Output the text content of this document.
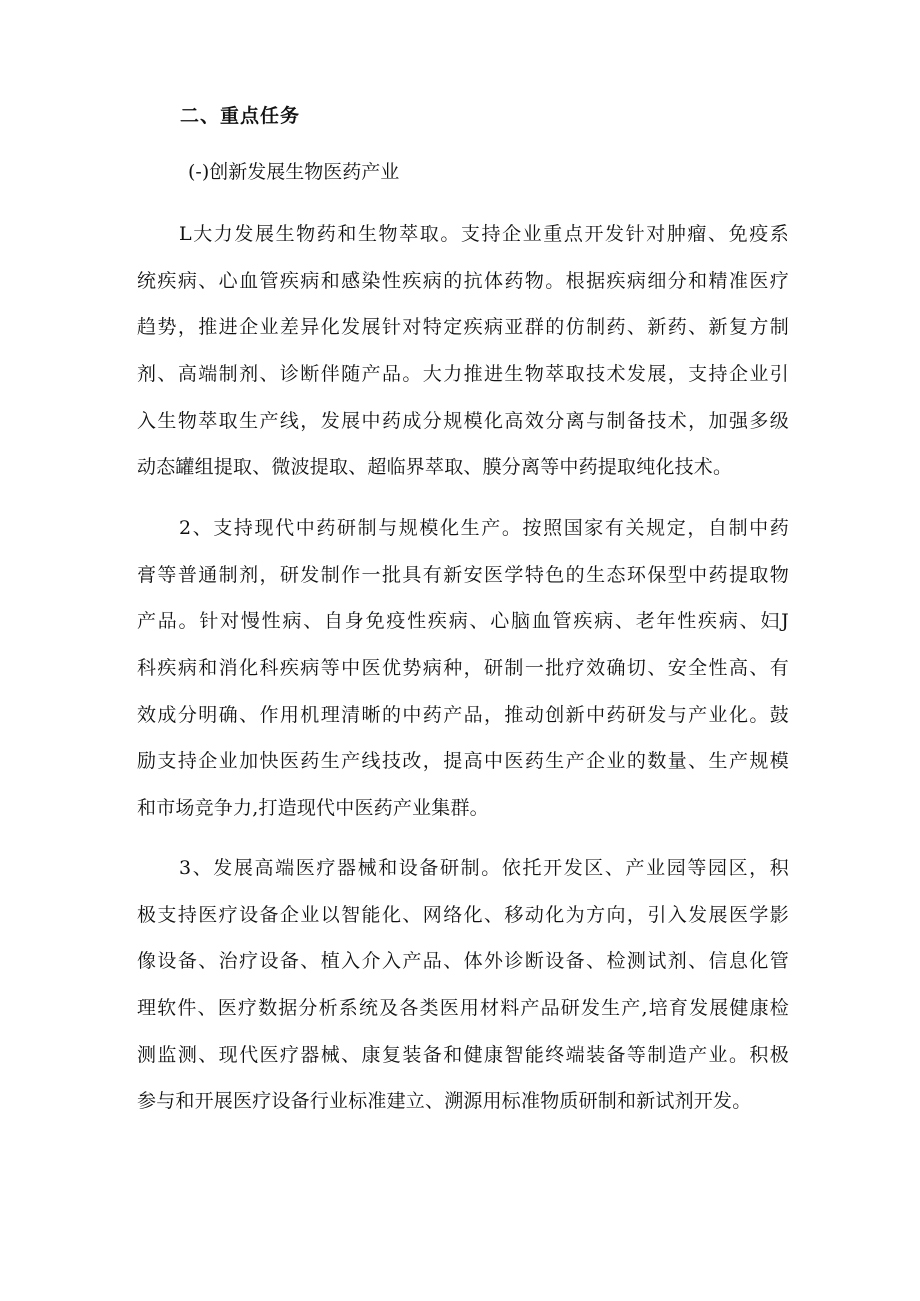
二、重点任务
(-)创新发展生物医药产业
L大力发展生物药和生物萃取。支持企业重点开发针对肿瘤、免疫系
统疾病、心血管疾病和感染性疾病的抗体药物。根据疾病细分和精准医疗
趋势，推进企业差异化发展针对特定疾病亚群的仿制药、新药、新复方制
剂、高端制剂、诊断伴随产品。大力推进生物萃取技术发展，支持企业引
入生物萃取生产线，发展中药成分规模化高效分离与制备技术，加强多级
动态罐组提取、微波提取、超临界萃取、膜分离等中药提取纯化技术。
2、支持现代中药研制与规模化生产。按照国家有关规定，自制中药
膏等普通制剂，研发制作一批具有新安医学特色的生态环保型中药提取物
产品。针对慢性病、自身免疫性疾病、心脑血管疾病、老年性疾病、妇J
科疾病和消化科疾病等中医优势病种，研制一批疗效确切、安全性高、有
效成分明确、作用机理清晰的中药产品，推动创新中药研发与产业化。鼓
励支持企业加快医药生产线技改，提高中医药生产企业的数量、生产规模
和市场竞争力,打造现代中医药产业集群。
3、发展高端医疗器械和设备研制。依托开发区、产业园等园区，积
极支持医疗设备企业以智能化、网络化、移动化为方向，引入发展医学影
像设备、治疗设备、植入介入产品、体外诊断设备、检测试剂、信息化管
理软件、医疗数据分析系统及各类医用材料产品研发生产,培育发展健康检
测监测、现代医疗器械、康复装备和健康智能终端装备等制造产业。积极
参与和开展医疗设备行业标准建立、溯源用标准物质研制和新试剂开发。
